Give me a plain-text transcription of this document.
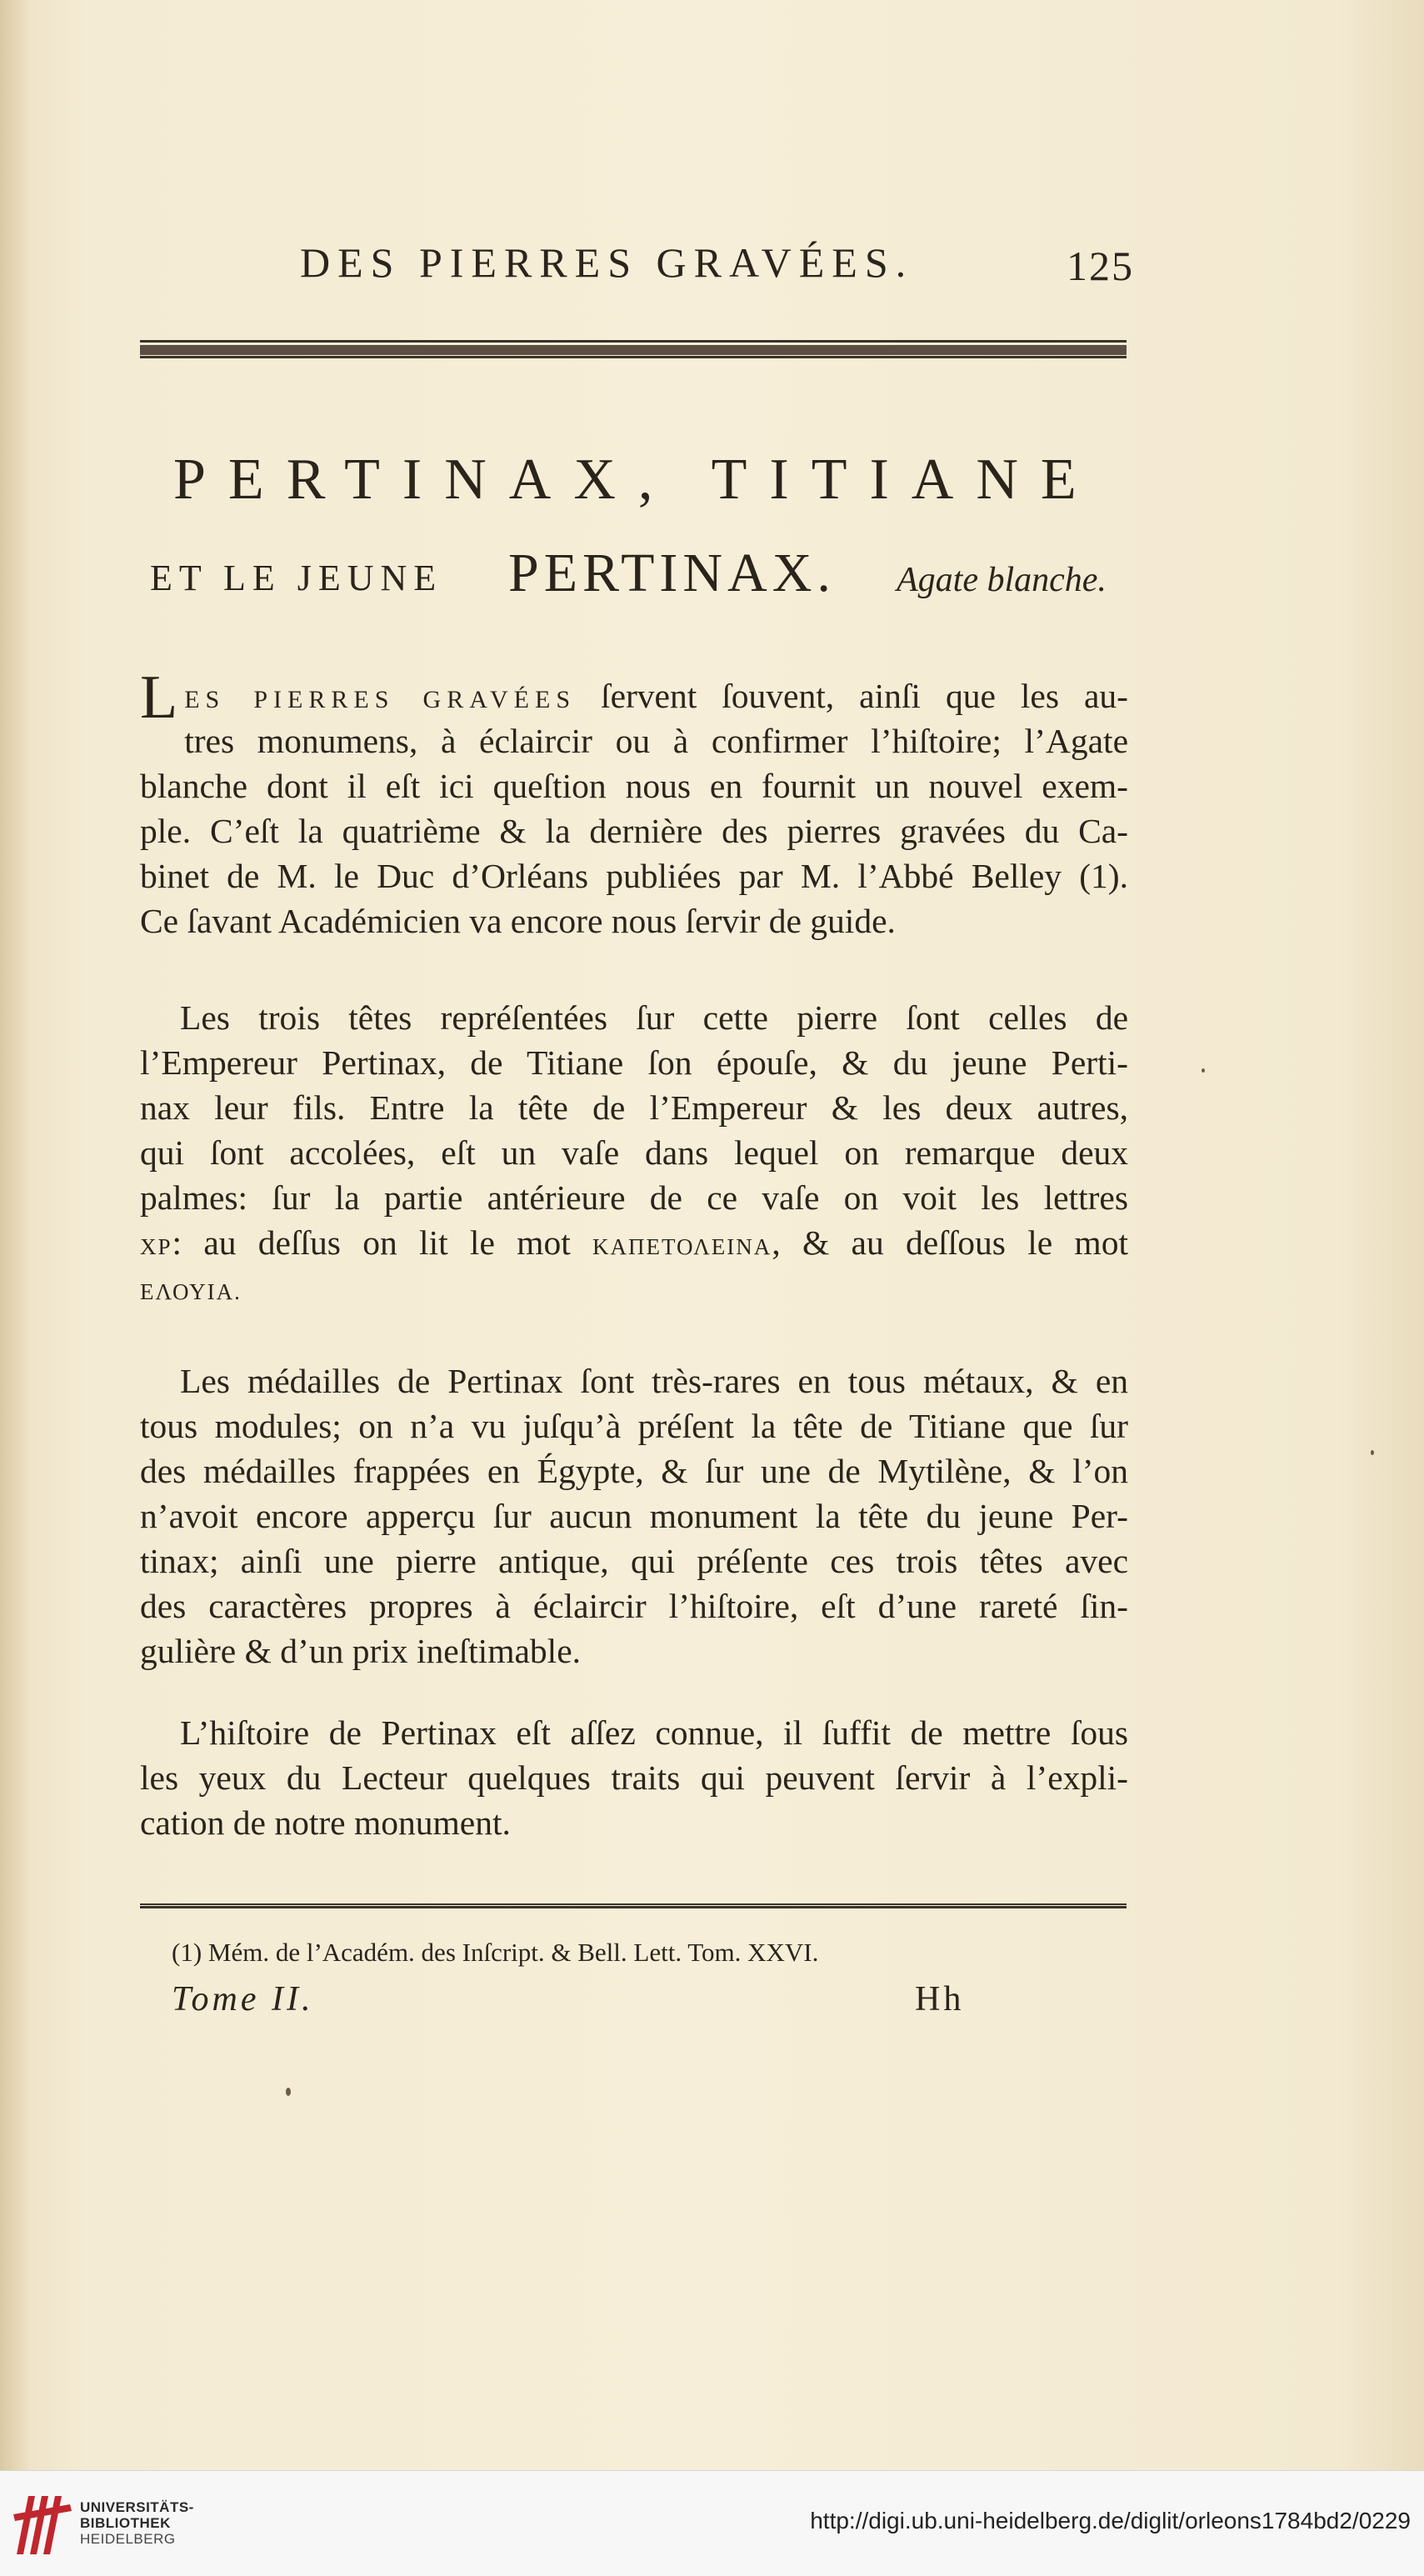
DES PIERRES GRAVÉES.	125
PERTINAX, TITIANE
ET LE JEUNE PERTINAX. Agate blanche.
LES PIERRES GRAVÉES ſervent ſouvent, ainſi que les au-
tres monumens, à éclaircir ou à confirmer l’hiſtoire; l’Agate
blanche dont il eſt ici queſtion nous en fournit un nouvel exem-
ple. C’eſt la quatrième & la dernière des pierres gravées du Ca-
binet de M. le Duc d’Orléans publiées par M. l’Abbé Belley (1).
Ce ſavant Académicien va encore nous ſervir de guide.
Les trois têtes repréſentées ſur cette pierre ſont celles de
l’Empereur Pertinax, de Titiane ſon épouſe, & du jeune Perti-
nax leur fils. Entre la tête de l’Empereur & les deux autres,
qui ſont accolées, eſt un vaſe dans lequel on remarque deux
palmes: ſur la partie antérieure de ce vaſe on voit les lettres
ΧΡ: au deſſus on lit le mot ΚΑΠΕΤΟΛΕΙΝΑ, & au deſſous le mot
ΕΛΟΥΙΑ.
Les médailles de Pertinax ſont très-rares en tous métaux, & en
tous modules; on n’a vu juſqu’à préſent la tête de Titiane que ſur
des médailles frappées en Égypte, & ſur une de Mytilène, & l’on
n’avoit encore apperçu ſur aucun monument la tête du jeune Per-
tinax; ainſi une pierre antique, qui préſente ces trois têtes avec
des caractères propres à éclaircir l’hiſtoire, eſt d’une rareté ſin-
gulière & d’un prix ineſtimable.
L’hiſtoire de Pertinax eſt aſſez connue, il ſuffit de mettre ſous
les yeux du Lecteur quelques traits qui peuvent ſervir à l’expli-
cation de notre monument.
(1) Mém. de l’Académ. des Inſcript. & Bell. Lett. Tom. XXVI.
Tome II.	Hh
UNIVERSITÄTS-
BIBLIOTHEK
HEIDELBERG
http://digi.ub.uni-heidelberg.de/diglit/orleons1784bd2/0229
